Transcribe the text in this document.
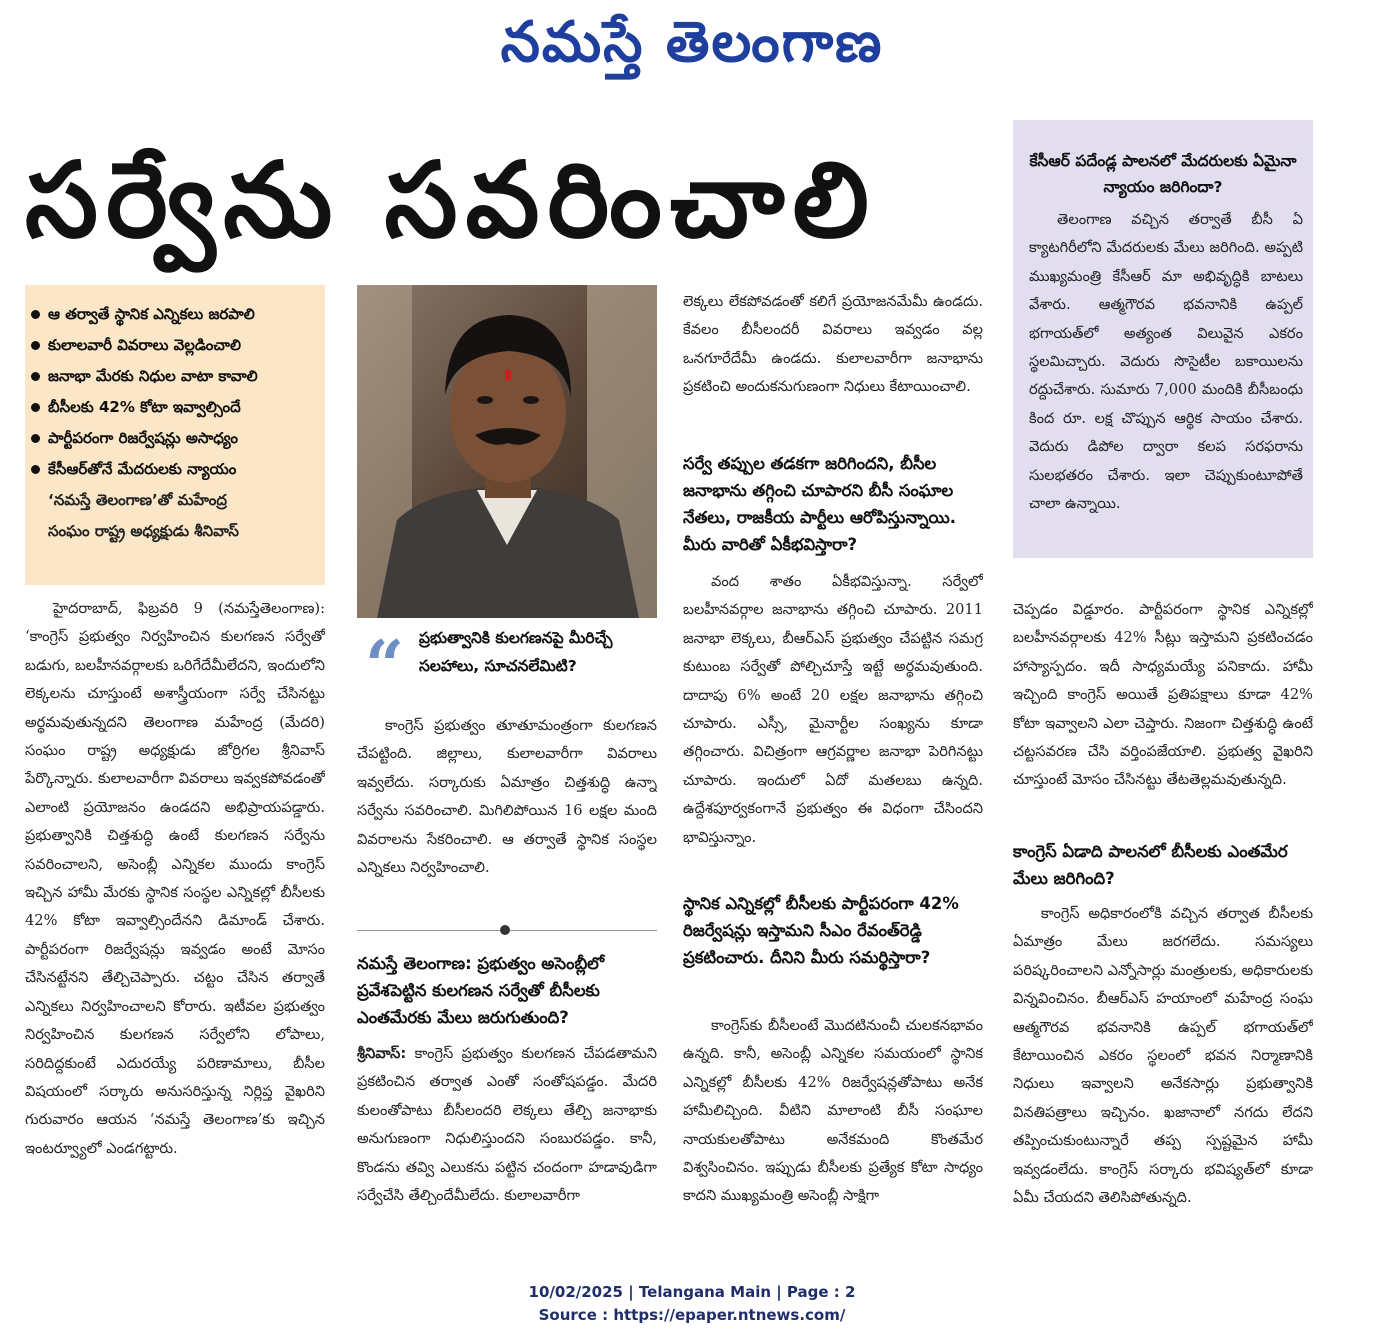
నమస్తే తెలంగాణ
సర్వేను సవరించాలి
ఆ తర్వాతే స్థానిక ఎన్నికలు జరపాలి
కులాలవారీ వివరాలు వెల్లడించాలి
జనాభా మేరకు నిధుల వాటా కావాలి
బీసీలకు 42% కోటా ఇవ్వాల్సిందే
పార్టీపరంగా రిజర్వేషన్లు అసాధ్యం
కేసీఆర్‌తోనే మేదరులకు న్యాయం
‘నమస్తే తెలంగాణ’తో మహేంద్ర
సంఘం రాష్ట్ర అధ్యక్షుడు శీనివాస్

హైదరాబాద్, ఫిబ్రవరి 9 (నమస్తేతెలంగాణ): ‘కాంగ్రెస్ ప్రభుత్వం నిర్వహించిన కులగణన సర్వేతో బడుగు, బలహీనవర్గాలకు ఒరిగేదేమీలేదని, ఇందులోని లెక్కలను చూస్తుంటే అశాస్త్రీయంగా సర్వే చేసినట్టు అర్థమవుతున్నదని తెలంగాణ మహేంద్ర (మేదరి) సంఘం రాష్ట్ర అధ్యక్షుడు జోర్రిగల శ్రీనివాస్ పేర్కొన్నారు. కులాలవారీగా వివరాలు ఇవ్వకపోవడంతో ఎలాంటి ప్రయోజనం ఉండదని అభిప్రాయపడ్డారు. ప్రభుత్వానికి చిత్తశుద్ధి ఉంటే కులగణన సర్వేను సవరించాలని, అసెంబ్లీ ఎన్నికల ముందు కాంగ్రెస్ ఇచ్చిన హామీ మేరకు స్థానిక సంస్థల ఎన్నికల్లో బీసీలకు 42% కోటా ఇవ్వాల్సిందేనని డిమాండ్ చేశారు. పార్టీపరంగా రిజర్వేషన్లు ఇవ్వడం అంటే మోసం చేసినట్టేనని తేల్చిచెప్పారు. చట్టం చేసిన తర్వాతే ఎన్నికలు నిర్వహించాలని కోరారు. ఇటీవల ప్రభుత్వం నిర్వహించిన కులగణన సర్వేలోని లోపాలు, సరిదిద్దకుంటే ఎదురయ్యే పరిణామాలు, బీసీల విషయంలో సర్కారు అనుసరిస్తున్న నిర్లిప్త వైఖరిని గురువారం ఆయన ‘నమస్తే తెలంగాణ’కు ఇచ్చిన ఇంటర్వ్యూలో ఎండగట్టారు.

“ ప్రభుత్వానికి కులగణనపై మీరిచ్చే సలహాలు, సూచనలేమిటి?

కాంగ్రెస్ ప్రభుత్వం తూతూమంత్రంగా కులగణన చేపట్టింది. జిల్లాలు, కులాలవారీగా వివరాలు ఇవ్వలేదు. సర్కారుకు ఏమాత్రం చిత్తశుద్ధి ఉన్నా సర్వేను సవరించాలి. మిగిలిపోయిన 16 లక్షల మంది వివరాలను సేకరించాలి. ఆ తర్వాతే స్థానిక సంస్థల ఎన్నికలు నిర్వహించాలి.

నమస్తే తెలంగాణ: ప్రభుత్వం అసెంబ్లీలో ప్రవేశపెట్టిన కులగణన సర్వేతో బీసీలకు ఎంతమేరకు మేలు జరుగుతుంది?

శ్రీనివాస్: కాంగ్రెస్ ప్రభుత్వం కులగణన చేపడతామని ప్రకటించిన తర్వాత ఎంతో సంతోషపడ్డం. మేదరి కులంతోపాటు బీసీలందరి లెక్కలు తేల్చి జనాభాకు అనుగుణంగా నిధులిస్తుందని సంబురపడ్డం. కానీ, కొండను తవ్వి ఎలుకను పట్టిన చందంగా హడావుడిగా సర్వేచేసి తేల్చిందేమీలేదు. కులాలవారీగా

లెక్కలు లేకపోవడంతో కలిగే ప్రయోజనమేమీ ఉండదు. కేవలం బీసీలందరీ వివరాలు ఇవ్వడం వల్ల ఒనగూరేదేమీ ఉండదు. కులాలవారీగా జనాభాను ప్రకటించి అందుకనుగుణంగా నిధులు కేటాయించాలి.

సర్వే తప్పుల తడకగా జరిగిందని, బీసీల జనాభాను తగ్గించి చూపారని బీసీ సంఘాల నేతలు, రాజకీయ పార్టీలు ఆరోపిస్తున్నాయి. మీరు వారితో ఏకీభవిస్తారా?

వంద శాతం ఏకీభవిస్తున్నా. సర్వేలో బలహీనవర్గాల జనాభాను తగ్గించి చూపారు. 2011 జనాభా లెక్కలు, బీఆర్‌ఎస్ ప్రభుత్వం చేపట్టిన సమగ్ర కుటుంబ సర్వేతో పోల్చిచూస్తే ఇట్టే అర్థమవుతుంది. దాదాపు 6% అంటే 20 లక్షల జనాభాను తగ్గించి చూపారు. ఎస్సీ, మైనార్టీల సంఖ్యను కూడా తగ్గించారు. విచిత్రంగా ఆగ్రవర్ణాల జనాభా పెరిగినట్టు చూపారు. ఇందులో ఏదో మతలబు ఉన్నది. ఉద్దేశపూర్వకంగానే ప్రభుత్వం ఈ విధంగా చేసిందని భావిస్తున్నాం.

స్థానిక ఎన్నికల్లో బీసీలకు పార్టీపరంగా 42% రిజర్వేషన్లు ఇస్తామని సీఎం రేవంత్‌రెడ్డి ప్రకటించారు. దీనిని మీరు సమర్థిస్తారా?

కాంగ్రెస్‌కు బీసీలంటే మొదటినుంచీ చులకనభావం ఉన్నది. కానీ, అసెంబ్లీ ఎన్నికల సమయంలో స్థానిక ఎన్నికల్లో బీసీలకు 42% రిజర్వేషన్లతోపాటు అనేక హామీలిచ్చింది. వీటిని మాలాంటి బీసీ సంఘాల నాయకులతోపాటు అనేకమంది కొంతమేర విశ్వసించినం. ఇప్పుడు బీసీలకు ప్రత్యేక కోటా సాధ్యం కాదని ముఖ్యమంత్రి అసెంబ్లీ సాక్షిగా

కేసీఆర్ పదేండ్ల పాలనలో మేదరులకు ఏమైనా న్యాయం జరిగిందా?
తెలంగాణ వచ్చిన తర్వాతే బీసీ ఏ క్యాటగిరీలోని మేదరులకు మేలు జరిగింది. అప్పటి ముఖ్యమంత్రి కేసీఆర్ మా అభివృద్ధికి బాటలు వేశారు. ఆత్మగౌరవ భవనానికి ఉప్పల్ భగాయత్‌లో అత్యంత విలువైన ఎకరం స్థలమిచ్చారు. వెదురు సొసైటీల బకాయిలను రద్దుచేశారు. సుమారు 7,000 మందికి బీసీబంధు కింద రూ. లక్ష చొప్పున ఆర్థిక సాయం చేశారు. వెదురు డిపోల ద్వారా కలప సరఫరాను సులభతరం చేశారు. ఇలా చెప్పుకుంటూపోతే చాలా ఉన్నాయి.

చెప్పడం విడ్డూరం. పార్టీపరంగా స్థానిక ఎన్నికల్లో బలహీనవర్గాలకు 42% సీట్లు ఇస్తామని ప్రకటించడం హాస్యాస్పదం. ఇదీ సాధ్యమయ్యే పనికాదు. హామీ ఇచ్చింది కాంగ్రెస్ అయితే ప్రతిపక్షాలు కూడా 42% కోటా ఇవ్వాలని ఎలా చెప్తారు. నిజంగా చిత్తశుద్ధి ఉంటే చట్టసవరణ చేసి వర్తింపజేయాలి. ప్రభుత్వ వైఖరిని చూస్తుంటే మోసం చేసినట్టు తేటతెల్లమవుతున్నది.

కాంగ్రెస్ ఏడాది పాలనలో బీసీలకు ఎంతమేర మేలు జరిగింది?

కాంగ్రెస్ అధికారంలోకి వచ్చిన తర్వాత బీసీలకు ఏమాత్రం మేలు జరగలేదు. సమస్యలు పరిష్కరించాలని ఎన్నోసార్లు మంత్రులకు, అధికారులకు విన్నవించినం. బీఆర్‌ఎస్ హయాంలో మహేంద్ర సంఘ ఆత్మగౌరవ భవనానికి ఉప్పల్ భగాయత్‌లో కేటాయించిన ఎకరం స్థలంలో భవన నిర్మాణానికి నిధులు ఇవ్వాలని అనేకసార్లు ప్రభుత్వానికి వినతిపత్రాలు ఇచ్చినం. ఖజానాలో నగదు లేదని తప్పించుకుంటున్నారే తప్ప స్పష్టమైన హామీ ఇవ్వడంలేదు. కాంగ్రెస్ సర్కారు భవిష్యత్‌లో కూడా ఏమీ చేయదని తెలిసిపోతున్నది.

10/02/2025 | Telangana Main | Page : 2
Source : https://epaper.ntnews.com/
